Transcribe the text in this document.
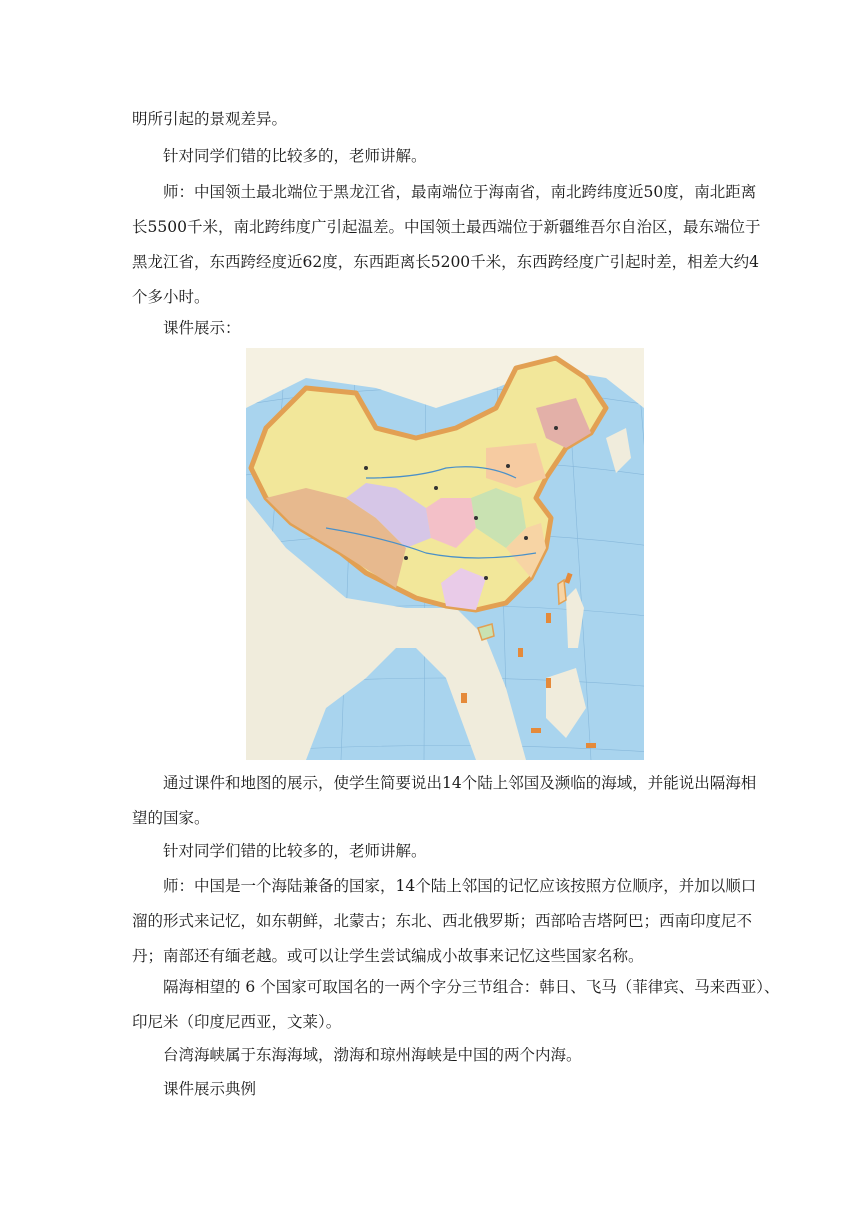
明所引起的景观差异。

针对同学们错的比较多的，老师讲解。

师：中国领土最北端位于黑龙江省，最南端位于海南省，南北跨纬度近50度，南北距离
长5500千米，南北跨纬度广引起温差。中国领土最西端位于新疆维吾尔自治区，最东端位于
黑龙江省，东西跨经度近62度，东西距离长5200千米，东西跨经度广引起时差，相差大约4
个多小时。

课件展示：

通过课件和地图的展示，使学生简要说出14个陆上邻国及濒临的海域，并能说出隔海相
望的国家。

针对同学们错的比较多的，老师讲解。

师：中国是一个海陆兼备的国家，14个陆上邻国的记忆应该按照方位顺序，并加以顺口
溜的形式来记忆，如东朝鲜，北蒙古；东北、西北俄罗斯；西部哈吉塔阿巴；西南印度尼不
丹；南部还有缅老越。或可以让学生尝试编成小故事来记忆这些国家名称。

隔海相望的 6 个国家可取国名的一两个字分三节组合：韩日、飞马（菲律宾、马来西亚）、
印尼米（印度尼西亚，文莱）。

台湾海峡属于东海海域，渤海和琼州海峡是中国的两个内海。

课件展示典例
